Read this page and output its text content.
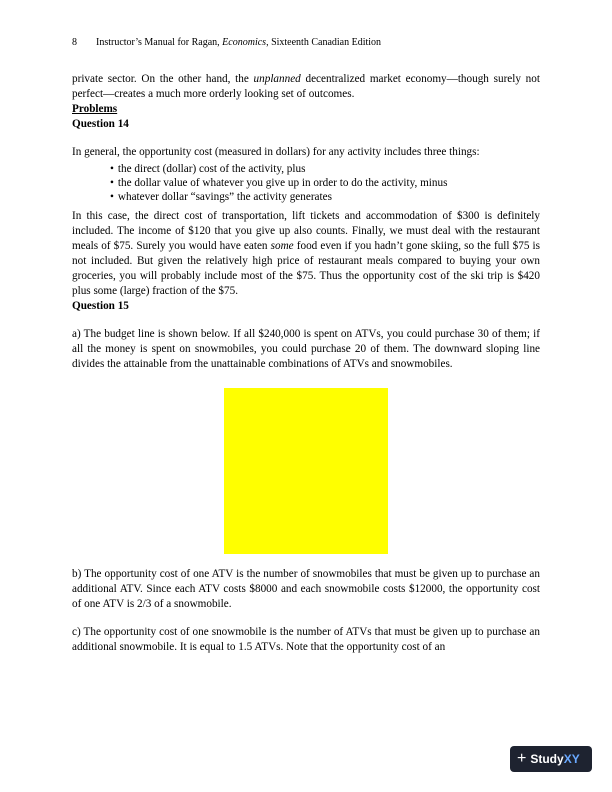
8 Instructor’s Manual for Ragan, Economics, Sixteenth Canadian Edition

private sector. On the other hand, the unplanned decentralized market economy—though surely not perfect—creates a much more orderly looking set of outcomes.

Problems

Question 14

In general, the opportunity cost (measured in dollars) for any activity includes three things:

• the direct (dollar) cost of the activity, plus
• the dollar value of whatever you give up in order to do the activity, minus
• whatever dollar “savings” the activity generates

In this case, the direct cost of transportation, lift tickets and accommodation of $300 is definitely included. The income of $120 that you give up also counts. Finally, we must deal with the restaurant meals of $75. Surely you would have eaten some food even if you hadn’t gone skiing, so the full $75 is not included. But given the relatively high price of restaurant meals compared to buying your own groceries, you will probably include most of the $75. Thus the opportunity cost of the ski trip is $420 plus some (large) fraction of the $75.

Question 15

a) The budget line is shown below. If all $240,000 is spent on ATVs, you could purchase 30 of them; if all the money is spent on snowmobiles, you could purchase 20 of them. The downward sloping line divides the attainable from the unattainable combinations of ATVs and snowmobiles.

b) The opportunity cost of one ATV is the number of snowmobiles that must be given up to purchase an additional ATV. Since each ATV costs $8000 and each snowmobile costs $12000, the opportunity cost of one ATV is 2/3 of a snowmobile.

c) The opportunity cost of one snowmobile is the number of ATVs that must be given up to purchase an additional snowmobile. It is equal to 1.5 ATVs. Note that the opportunity cost of an

+ Study XY
